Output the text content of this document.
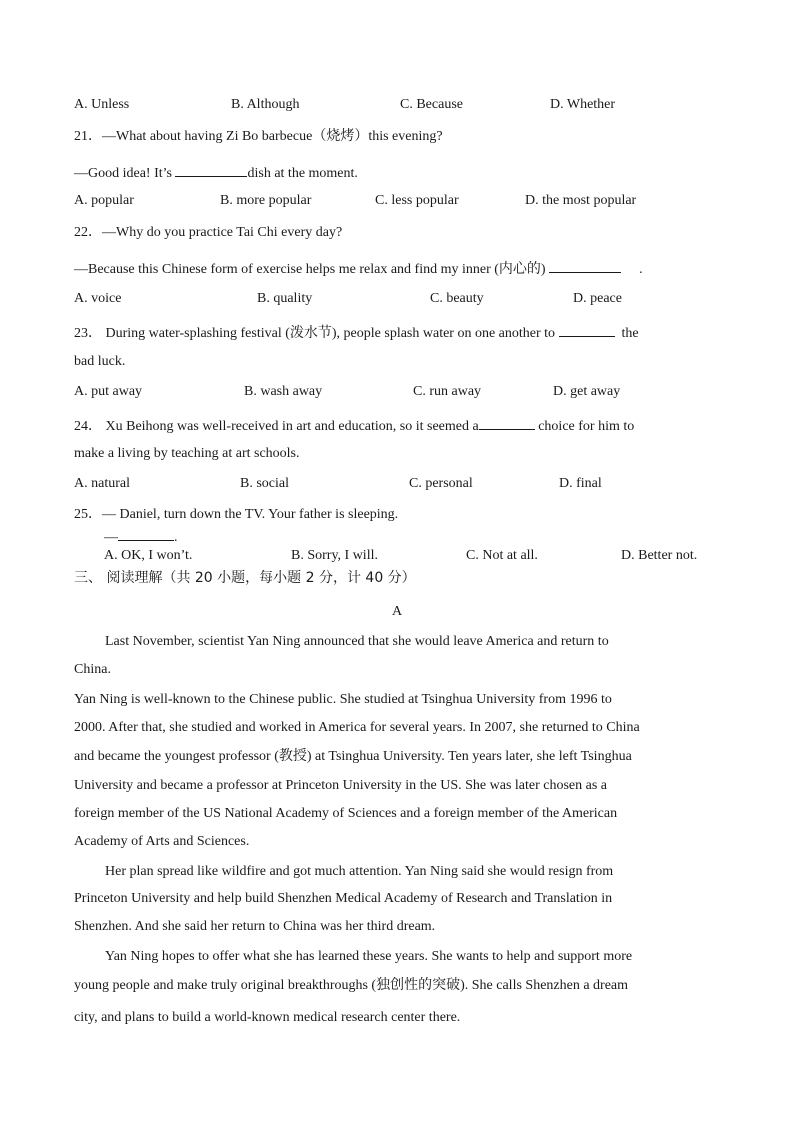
A. Unless	B. Although	C. Because	D. Whether
21．—What about having Zi Bo barbecue（烧烤）this evening?
—Good idea! It’s	dish at the moment.
A. popular	B. more popular	C. less popular	D. the most popular
22．—Why do you practice Tai Chi every day?
—Because this Chinese form of exercise helps me relax and find my inner (内心的)	.
A. voice	B. quality	C. beauty	D. peace
23． During water-splashing festival (泼水节), people splash water on one another to	the
bad luck.
A. put away	B. wash away	C. run away	D. get away
24． Xu Beihong was well-received in art and education, so it seemed a	choice for him to
make a living by teaching at art schools.
A. natural	B. social	C. personal	D. final
25．— Daniel, turn down the TV. Your father is sleeping.
—	.
A. OK, I won’t.	B. Sorry, I will.	C. Not at all.	D. Better not.
三、 阅读理解（共 20 小题，每小题 2 分，计 40 分）
A
Last November, scientist Yan Ning announced that she would leave America and return to
China.
Yan Ning is well-known to the Chinese public. She studied at Tsinghua University from 1996 to
2000. After that, she studied and worked in America for several years. In 2007, she returned to China
and became the youngest professor (教授) at Tsinghua University. Ten years later, she left Tsinghua
University and became a professor at Princeton University in the US. She was later chosen as a
foreign member of the US National Academy of Sciences and a foreign member of the American
Academy of Arts and Sciences.
Her plan spread like wildfire and got much attention. Yan Ning said she would resign from
Princeton University and help build Shenzhen Medical Academy of Research and Translation in
Shenzhen. And she said her return to China was her third dream.
Yan Ning hopes to offer what she has learned these years. She wants to help and support more
young people and make truly original breakthroughs (独创性的突破). She calls Shenzhen a dream
city, and plans to build a world-known medical research center there.
